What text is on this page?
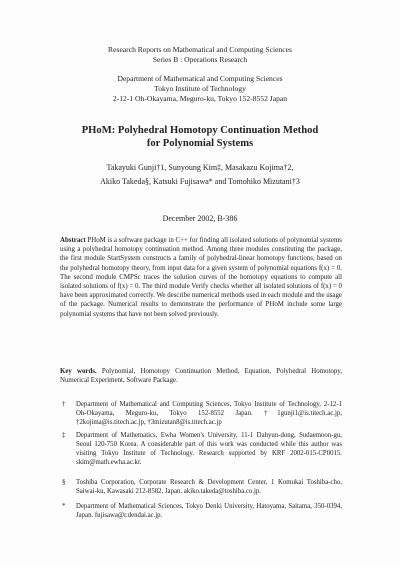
Research Reports on Mathematical and Computing Sciences
Series B : Operations Research
Department of Mathematical and Computing Sciences
Tokyo Institute of Technology
2-12-1 Oh-Okayama, Meguro-ku, Tokyo 152-8552 Japan
PHoM: Polyhedral Homotopy Continuation Method
for Polynomial Systems
Takayuki Gunji†1, Sunyoung Kim‡, Masakazu Kojima†2,
Akiko Takeda§, Katsuki Fujisawa* and Tomohiko Mizutani†3
December 2002, B-386
Abstract PHoM is a software package in C++ for finding all isolated solutions of polynomial systems using a polyhedral homotopy continuation method. Among three modules constituting the package, the first module StartSystem constructs a family of polyhedral-linear homotopy functions, based on the polyhedral homotopy theory, from input data for a given system of polynomial equations f(x) = 0. The second module CMPSc traces the solution curves of the homotopy equations to compute all isolated solutions of f(x) = 0. The third module Verify checks whether all isolated solutions of f(x) = 0 have been approximated correctly. We describe numerical methods used in each module and the usage of the package. Numerical results to demonstrate the performance of PHoM include some large polynomial systems that have not been solved previously.
Key words. Polynomial, Homotopy Continuation Method, Equation, Polyhedral Homotopy, Numerical Experiment, Software Package.
†	Department of Mathematical and Computing Sciences, Tokyo Institute of Technology, 2-12-1 Oh-Okayama, Meguro-ku, Tokyo 152-8552 Japan. †1gunji1@is.titech.ac.jp, †2kojima@is.titech.ac.jp, †3mizutan8@is.titech.ac.jp
‡	Department of Mathematics, Ewha Women's University, 11-1 Dahyun-dong, Sudaemoon-gu, Seoul 120-750 Korea. A considerable part of this work was conducted while this author was visiting Tokyo Institute of Technology. Research supported by KRF 2002-015-CP0015. skim@math.ewha.ac.kr.
§	Toshiba Corporation, Corporate Research & Development Center, 1 Komukai Toshiba-cho, Saiwai-ku, Kawasaki 212-8582, Japan. akiko.takeda@toshiba.co.jp.
*	Department of Mathematical Sciences, Tokyo Denki University, Hatoyama, Saitama, 350-0394, Japan. fujisawa@r.dendai.ac.jp.
